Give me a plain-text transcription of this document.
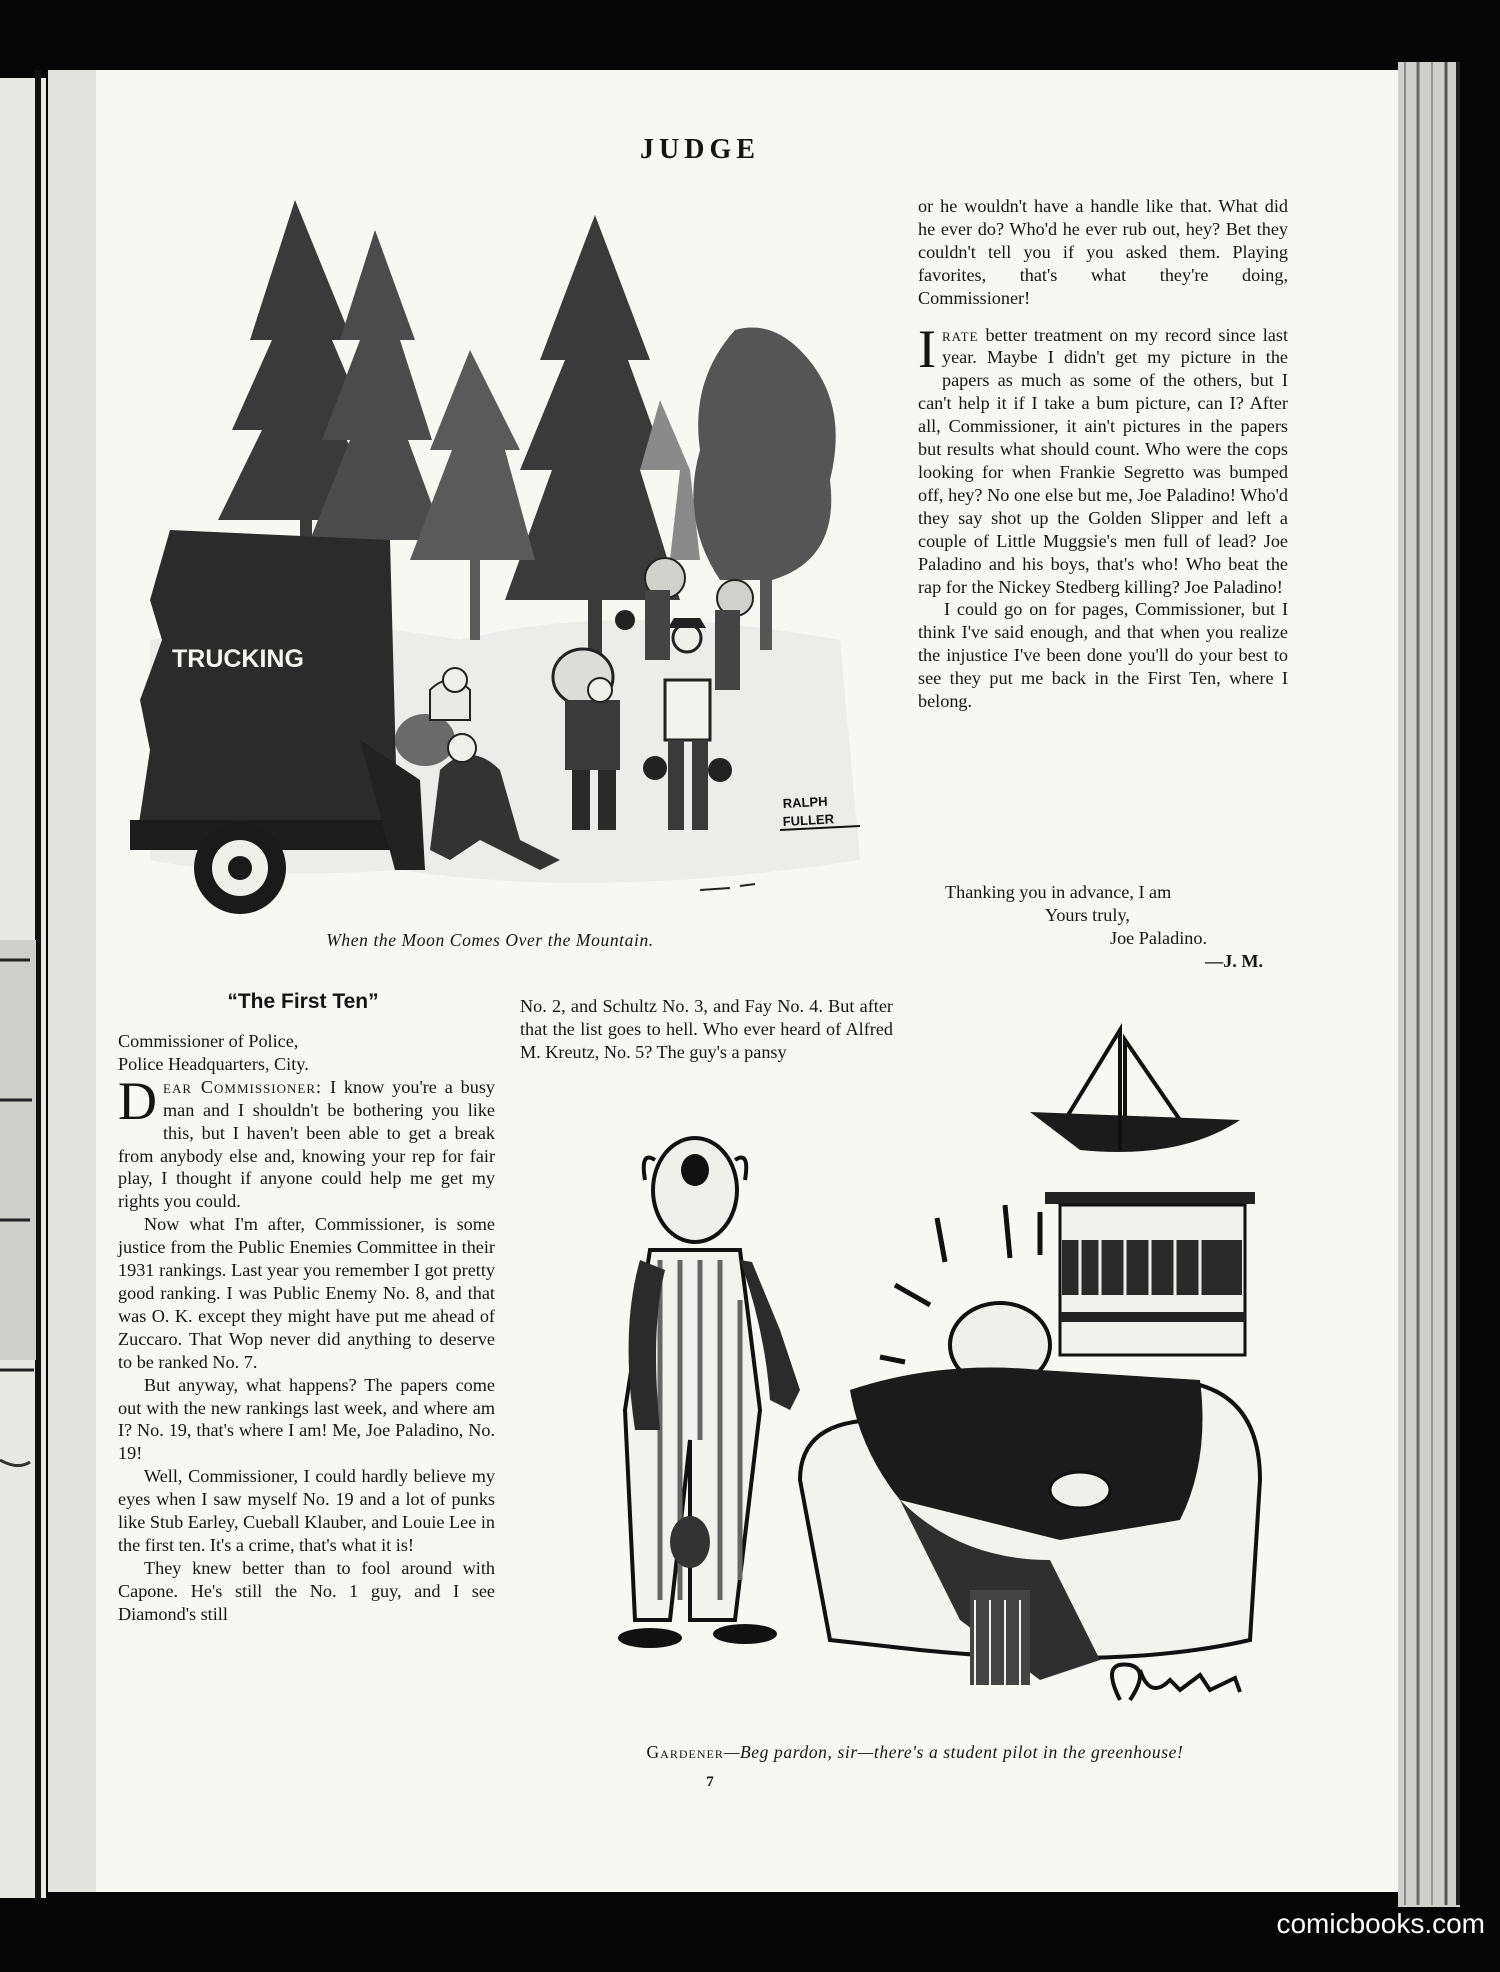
TRUCKING
RALPH
FULLER
JUDGE
When the Moon Comes Over the Mountain.

or he wouldn't have a handle like that. What did he ever do? Who'd he ever rub out, hey? Bet they couldn't tell you if you asked them. Playing favorites, that's what they're doing, Commissioner!

Irate better treatment on my record since last year. Maybe I didn't get my picture in the papers as much as some of the others, but I can't help it if I take a bum picture, can I? After all, Commissioner, it ain't pictures in the papers but results what should count. Who were the cops looking for when Frankie Segretto was bumped off, hey? No one else but me, Joe Paladino! Who'd they say shot up the Golden Slipper and left a couple of Little Muggsie's men full of lead? Joe Paladino and his boys, that's who! Who beat the rap for the Nickey Stedberg killing? Joe Paladino!

I could go on for pages, Commissioner, but I think I've said enough, and that when you realize the injustice I've been done you'll do your best to see they put me back in the First Ten, where I belong.

Thanking you in advance, I am
Yours truly,
Joe Paladino.
—J. M.
“The First Ten”
Commissioner of Police,
Police Headquarters, City.

Dear Commissioner: I know you're a busy man and I shouldn't be bothering you like this, but I haven't been able to get a break from anybody else and, knowing your rep for fair play, I thought if anyone could help me get my rights you could.

Now what I'm after, Commissioner, is some justice from the Public Enemies Committee in their 1931 rankings. Last year you remember I got pretty good ranking. I was Public Enemy No. 8, and that was O. K. except they might have put me ahead of Zuccaro. That Wop never did anything to deserve to be ranked No. 7.

But anyway, what happens? The papers come out with the new rankings last week, and where am I? No. 19, that's where I am! Me, Joe Paladino, No. 19!

Well, Commissioner, I could hardly believe my eyes when I saw myself No. 19 and a lot of punks like Stub Earley, Cueball Klauber, and Louie Lee in the first ten. It's a crime, that's what it is!

They knew better than to fool around with Capone. He's still the No. 1 guy, and I see Diamond's still

No. 2, and Schultz No. 3, and Fay No. 4. But after that the list goes to hell. Who ever heard of Alfred M. Kreutz, No. 5? The guy's a pansy

Gardener—Beg pardon, sir—there's a student pilot in the greenhouse!
7
comicbooks.com
